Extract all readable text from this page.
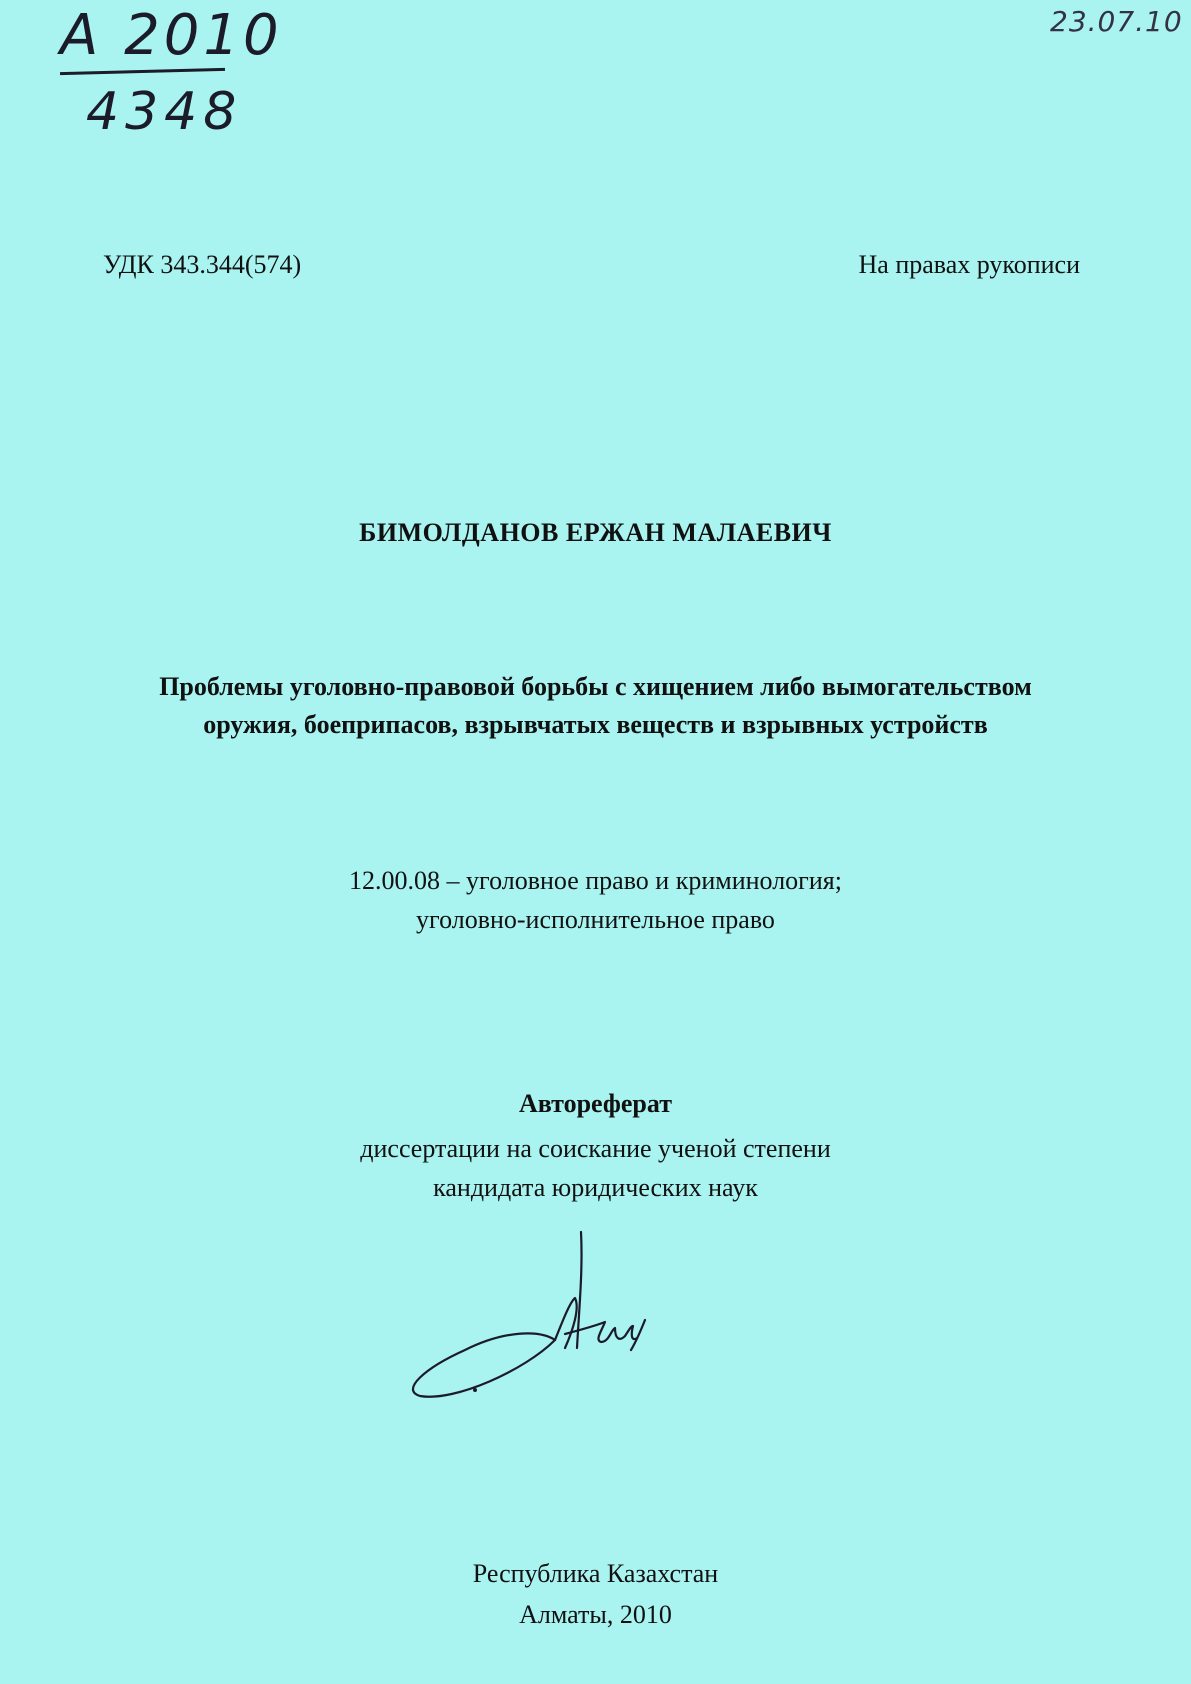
A 2010
4348
23.07.10
УДК 343.344(574)	На правах рукописи
БИМОЛДАНОВ ЕРЖАН МАЛАЕВИЧ
Проблемы уголовно-правовой борьбы с хищением либо вымогательством
оружия, боеприпасов, взрывчатых веществ и взрывных устройств
12.00.08 – уголовное право и криминология;
уголовно-исполнительное право
Автореферат
диссертации на соискание ученой степени
кандидата юридических наук
Республика Казахстан
Алматы, 2010
